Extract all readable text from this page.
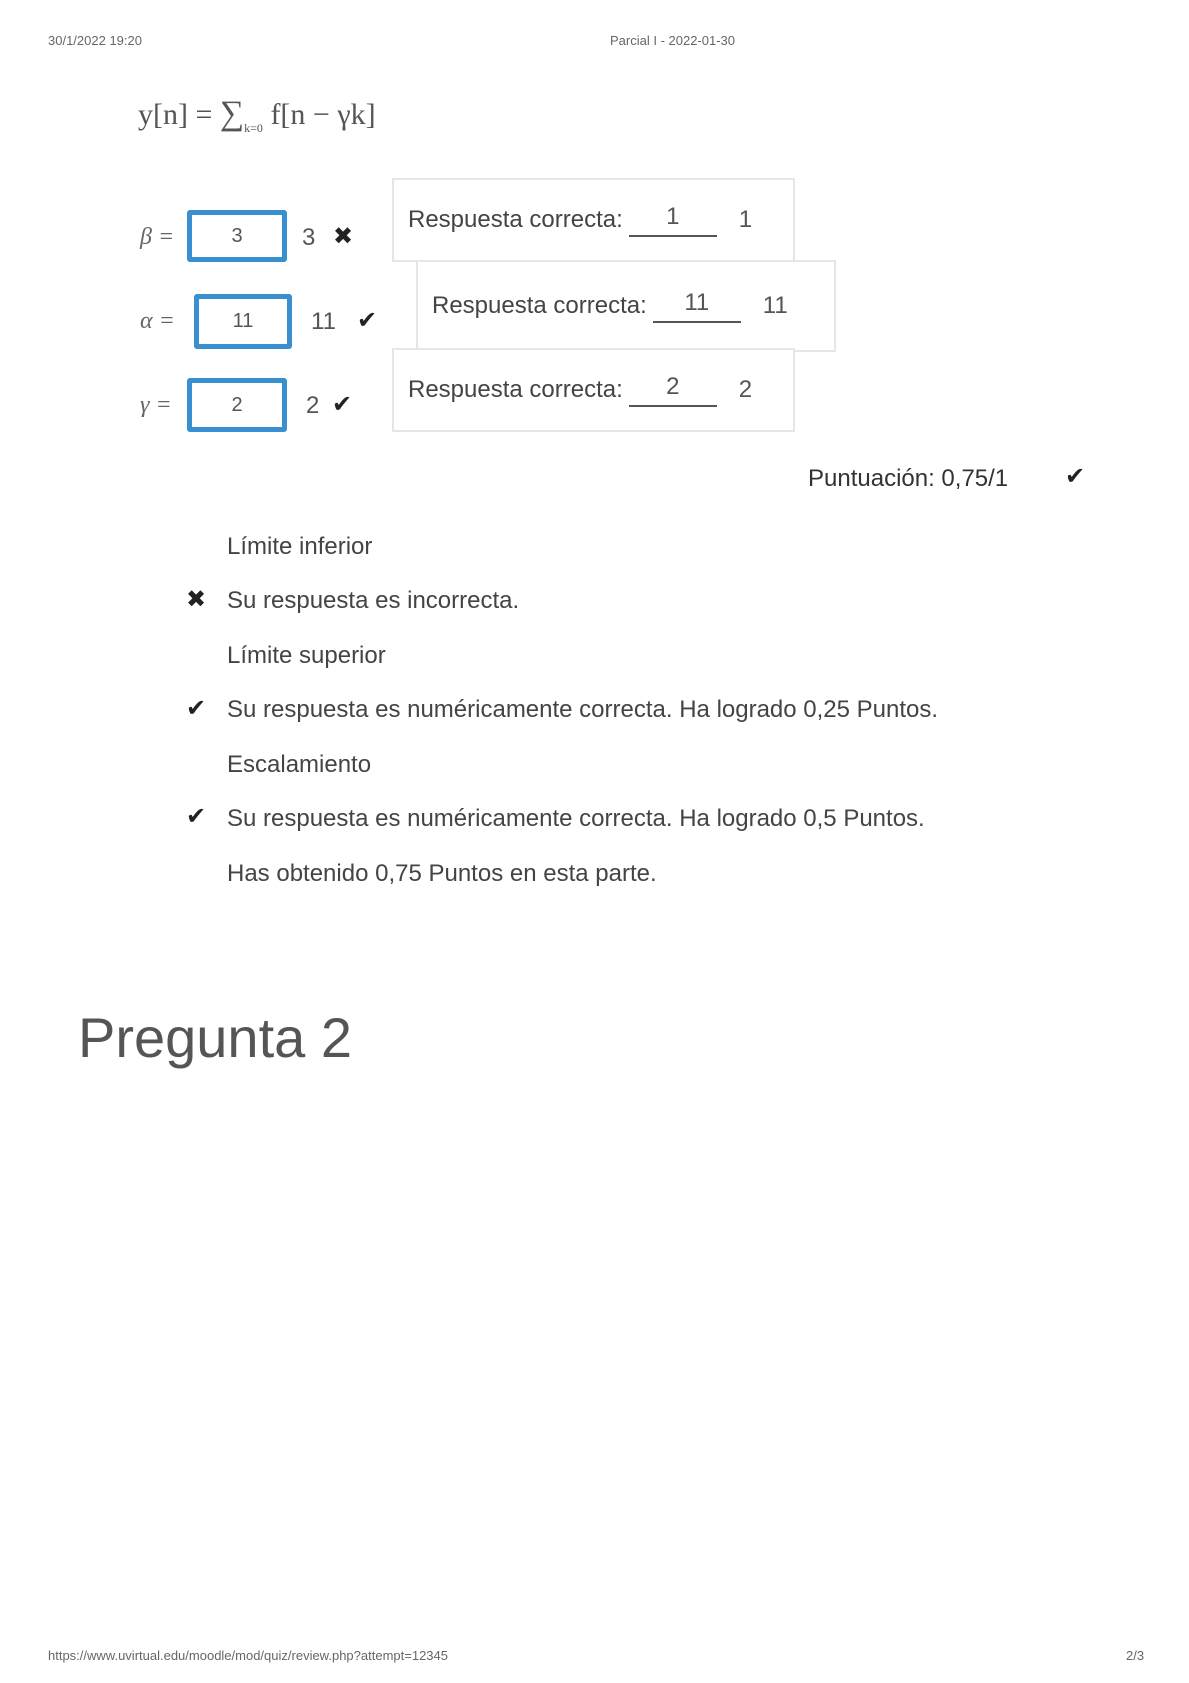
30/1/2022 19:20	Parcial I - 2022-01-30
$y[n] = \sum_{k=0}$ f[n − γk]
β =
3	3 ✖
Respuesta correcta:	1	1
α =
11	11 ✔
Respuesta correcta:	11	11
γ =
2	2 ✔
Respuesta correcta:	2	2
Puntuación: 0,75/1 ✔
Límite inferior
✖ Su respuesta es incorrecta.
Límite superior
✔ Su respuesta es numéricamente correcta. Ha logrado 0,25 Puntos.
Escalamiento
✔ Su respuesta es numéricamente correcta. Ha logrado 0,5 Puntos.
Has obtenido 0,75 Puntos en esta parte.
Pregunta 2
https://www.uvirtual.edu/moodle/mod/quiz/review.php?attempt=12345	2/3
